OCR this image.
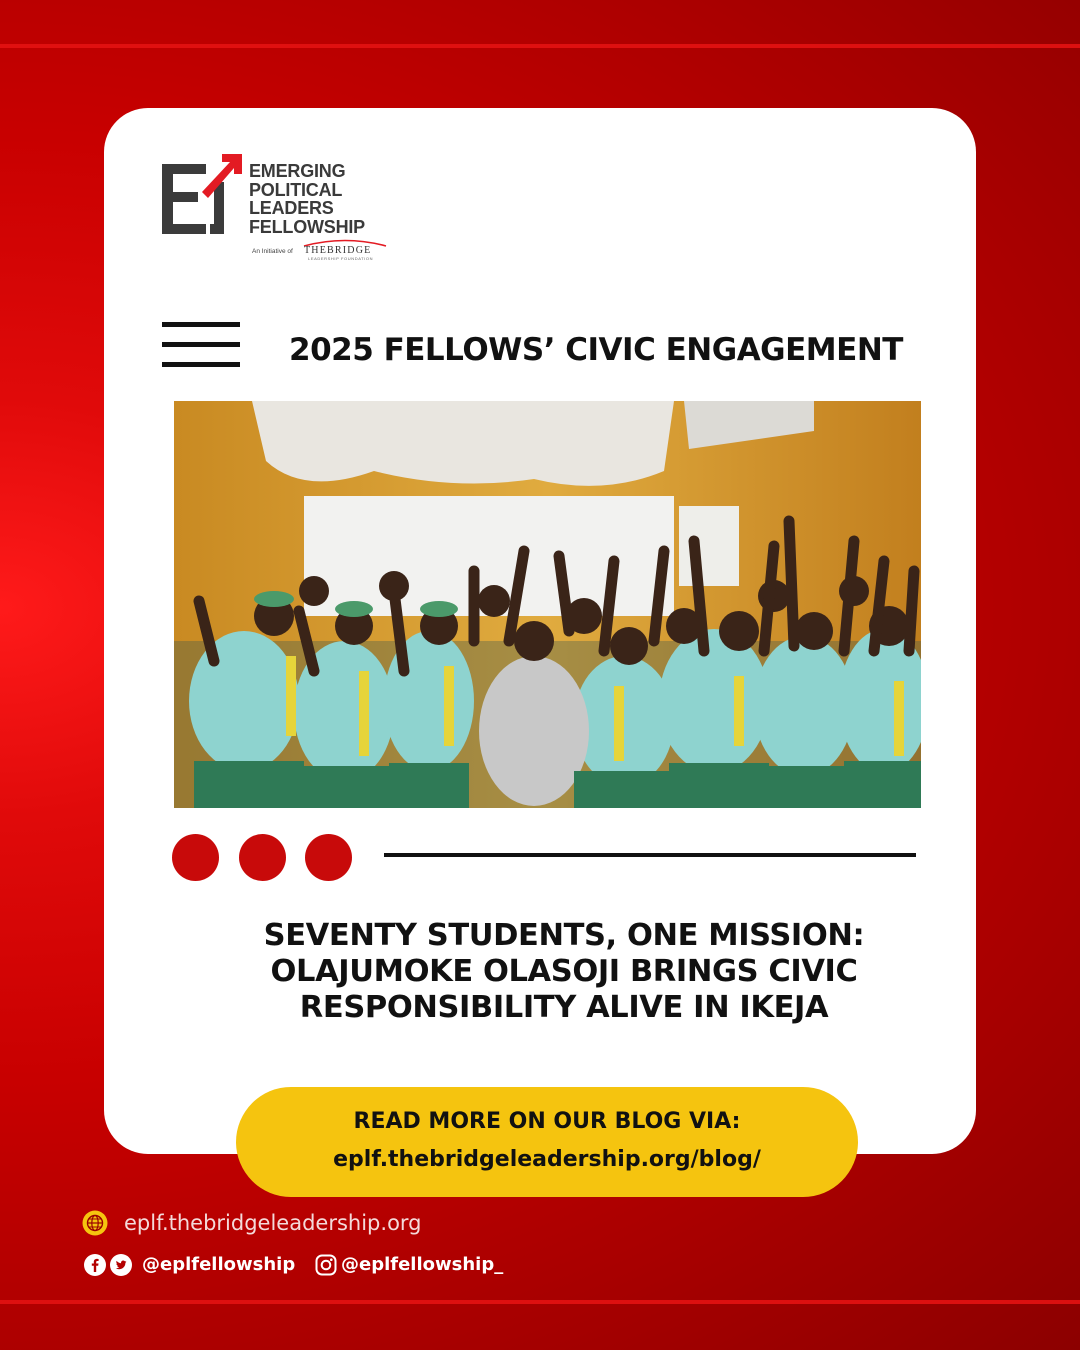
EMERGING
POLITICAL
LEADERS
FELLOWSHIP
An Initiative of THEBRIDGE
LEADERSHIP FOUNDATION
2025 FELLOWS’ CIVIC ENGAGEMENT
SEVENTY STUDENTS, ONE MISSION:
OLAJUMOKE OLASOJI BRINGS CIVIC
RESPONSIBILITY ALIVE IN IKEJA
READ MORE ON OUR BLOG VIA:
eplf.thebridgeleadership.org/blog/
eplf.thebridgeleadership.org
@eplfellowship	@eplfellowship_
